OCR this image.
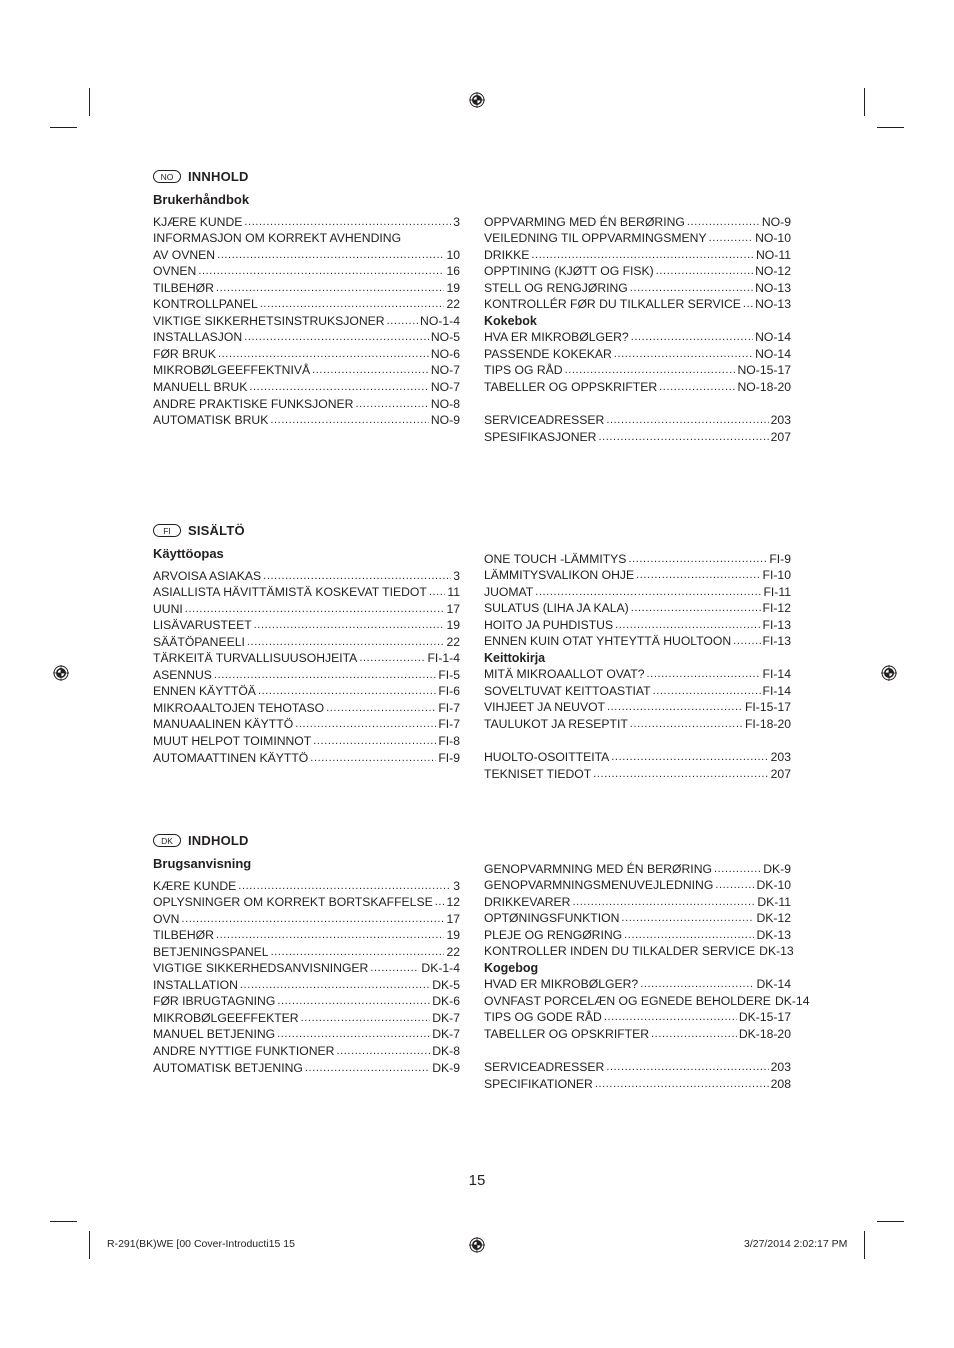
NO	INNHOLD
Brukerhåndbok
KJÆRE KUNDE .....	3
INFORMASJON OM KORREKT AVHENDING
AV OVNEN .....	10
OVNEN .....	16
TILBEHØR .....	19
KONTROLLPANEL .....	22
VIKTIGE SIKKERHETSINSTRUKSJONER .....	NO-1-4
INSTALLASJON .....	NO-5
FØR BRUK .....	NO-6
MIKROBØLGEEFFEKTNIVÅ .....	NO-7
MANUELL BRUK .....	NO-7
ANDRE PRAKTISKE FUNKSJONER .....	NO-8
AUTOMATISK BRUK .....	NO-9
OPPVARMING MED ÉN BERØRING .....	NO-9
VEILEDNING TIL OPPVARMINGSMENY .....	NO-10
DRIKKE .....	NO-11
OPPTINING (KJØTT OG FISK) .....	NO-12
STELL OG RENGJØRING .....	NO-13
KONTROLLÉR FØR DU TILKALLER SERVICE ..... NO-13
Kokebok
HVA ER MIKROBØLGER? .....	NO-14
PASSENDE KOKEKAR .....	NO-14
TIPS OG RÅD .....	NO-15-17
TABELLER OG OPPSKRIFTER .....	NO-18-20
SERVICEADRESSER .....	203
SPESIFIKASJONER .....	207
FI	SISÄLTÖ
Käyttöopas
ARVOISA ASIAKAS .....	3
ASIALLISTA HÄVITTÄMISTÄ KOSKEVAT TIEDOT ..... 11
UUNI .....	17
LISÄVARUSTEET .....	19
SÄÄTÖPANEELI .....	22
TÄRKEITÄ TURVALLISUUSOHJEITA .....	FI-1-4
ASENNUS .....	FI-5
ENNEN KÄYTTÖÄ .....	FI-6
MIKROAALTOJEN TEHOTASO .....	FI-7
MANUAALINEN KÄYTTÖ .....	FI-7
MUUT HELPOT TOIMINNOT .....	FI-8
AUTOMAATTINEN KÄYTTÖ .....	FI-9
ONE TOUCH -LÄMMITYS .....	FI-9
LÄMMITYSVALIKON OHJE .....	FI-10
JUOMAT .....	FI-11
SULATUS (LIHA JA KALA) .....	FI-12
HOITO JA PUHDISTUS .....	FI-13
ENNEN KUIN OTAT YHTEYTTÄ HUOLTOON .....	FI-13
Keittokirja
MITÄ MIKROAALLOT OVAT? .....	FI-14
SOVELTUVAT KEITTOASTIAT .....	FI-14
VIHJEET JA NEUVOT .....	FI-15-17
TAULUKOT JA RESEPTIT .....	FI-18-20
HUOLTO-OSOITTEITA .....	203
TEKNISET TIEDOT .....	207
DK	INDHOLD
Brugsanvisning
KÆRE KUNDE .....	3
OPLYSNINGER OM KORREKT BORTSKAFFELSE ..... 12
OVN .....	17
TILBEHØR .....	19
BETJENINGSPANEL .....	22
VIGTIGE SIKKERHEDSANVISNINGER .....	DK-1-4
INSTALLATION .....	DK-5
FØR IBRUGTAGNING .....	DK-6
MIKROBØLGEEFFEKTER .....	DK-7
MANUEL BETJENING .....	DK-7
ANDRE NYTTIGE FUNKTIONER .....	DK-8
AUTOMATISK BETJENING .....	DK-9
GENOPVARMNING MED ÉN BERØRING .....	DK-9
GENOPVARMNINGSMENUVEJLEDNING .....	DK-10
DRIKKEVARER .....	DK-11
OPTØNINGSFUNKTION .....	DK-12
PLEJE OG RENGØRING .....	DK-13
KONTROLLER INDEN DU TILKALDER SERVICE DK-13
Kogebog
HVAD ER MIKROBØLGER? .....	DK-14
OVNFAST PORCELÆN OG EGNEDE BEHOLDERE DK-14
TIPS OG GODE RÅD .....	DK-15-17
TABELLER OG OPSKRIFTER .....	DK-18-20
SERVICEADRESSER .....	203
SPECIFIKATIONER .....	208
15
R-291(BK)WE [00 Cover-Introducti15 15	3/27/2014 2:02:17 PM
